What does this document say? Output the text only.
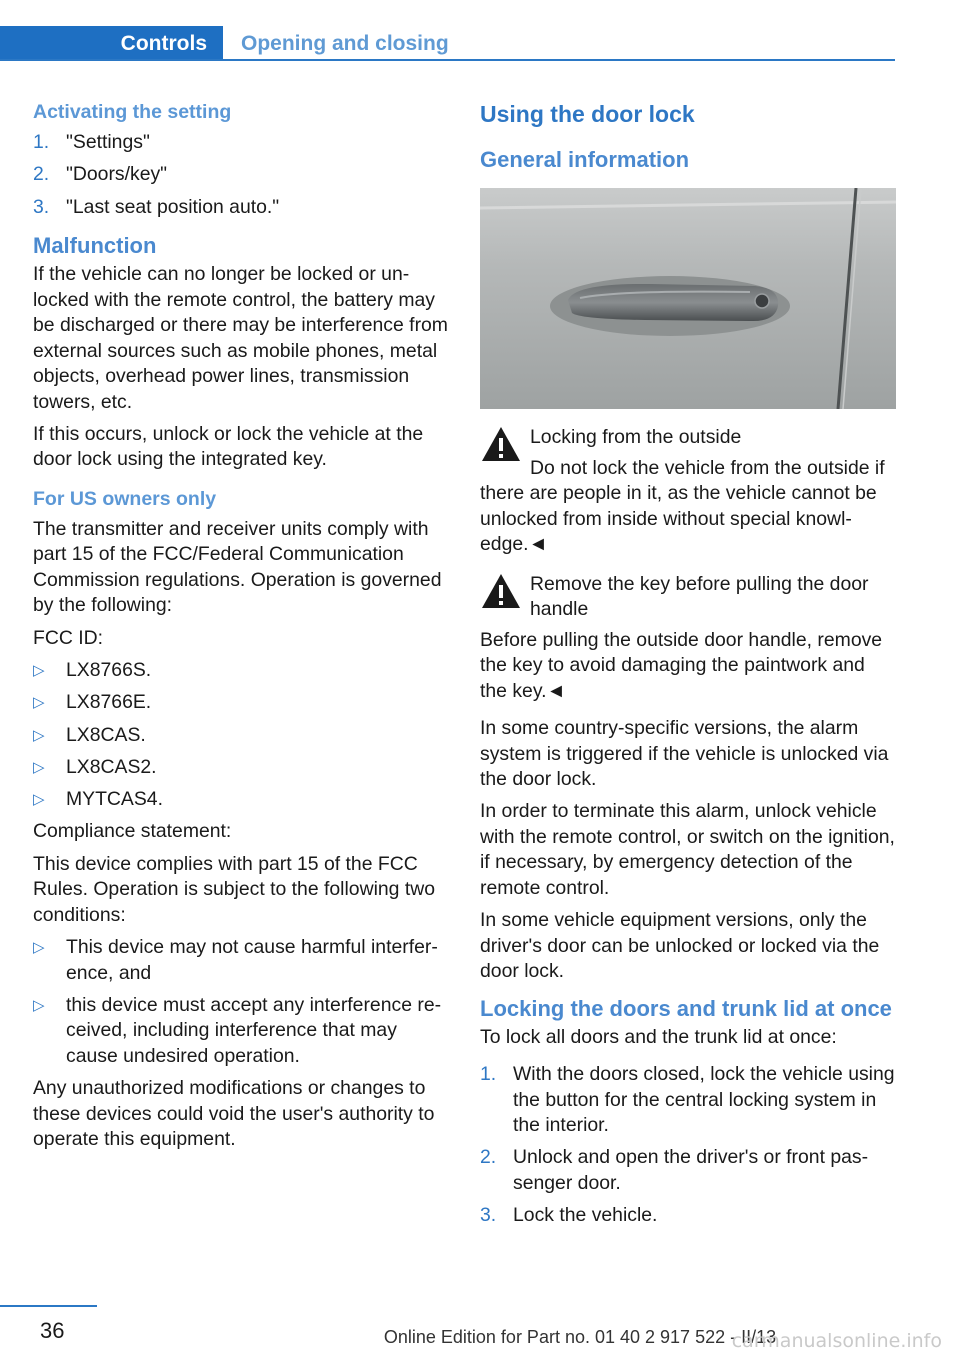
Controls	Opening and closing
Activating the setting
1. "Settings"
2. "Doors/key"
3. "Last seat position auto."
Malfunction
If the vehicle can no longer be locked or unlocked with the remote control, the battery may be discharged or there may be interference from external sources such as mobile phones, metal objects, overhead power lines, transmission towers, etc.
If this occurs, unlock or lock the vehicle at the door lock using the integrated key.
For US owners only
The transmitter and receiver units comply with part 15 of the FCC/Federal Communication Commission regulations. Operation is governed by the following:
FCC ID:
▷ LX8766S.
▷ LX8766E.
▷ LX8CAS.
▷ LX8CAS2.
▷ MYTCAS4.
Compliance statement:
This device complies with part 15 of the FCC Rules. Operation is subject to the following two conditions:
▷ This device may not cause harmful interference, and
▷ this device must accept any interference received, including interference that may cause undesired operation.
Any unauthorized modifications or changes to these devices could void the user's authority to operate this equipment.
Using the door lock
General information
Locking from the outside
Do not lock the vehicle from the outside if there are people in it, as the vehicle cannot be unlocked from inside without special knowledge.◄
Remove the key before pulling the door handle
Before pulling the outside door handle, remove the key to avoid damaging the paintwork and the key.◄
In some country-specific versions, the alarm system is triggered if the vehicle is unlocked via the door lock.
In order to terminate this alarm, unlock vehicle with the remote control, or switch on the ignition, if necessary, by emergency detection of the remote control.
In some vehicle equipment versions, only the driver's door can be unlocked or locked via the door lock.
Locking the doors and trunk lid at once
To lock all doors and the trunk lid at once:
1. With the doors closed, lock the vehicle using the button for the central locking system in the interior.
2. Unlock and open the driver's or front passenger door.
3. Lock the vehicle.
36	Online Edition for Part no. 01 40 2 917 522 - II/13
carmanualsonline.info
